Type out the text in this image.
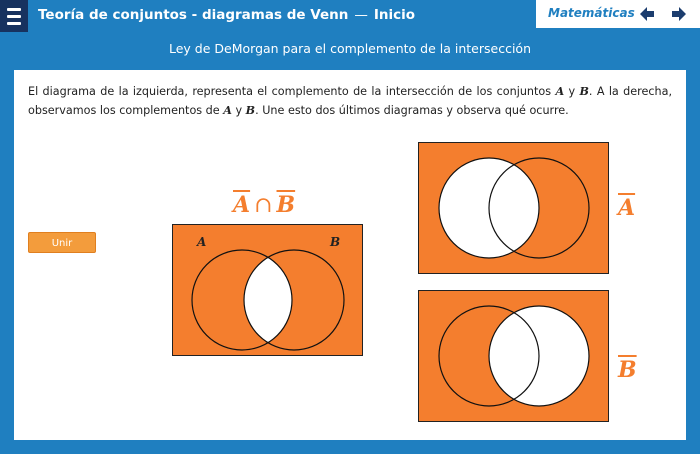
Teoría de conjuntos - diagramas de Venn — Inicio	Matemáticas
Ley de DeMorgan para el complemento de la intersección
El diagrama de la izquierda, representa el complemento de la intersección de los conjuntos A y B. A la derecha, observamos los complementos de A y B. Une esto dos últimos diagramas y observa qué ocurre.
Unir
$\overline{A}$ ∩ $\overline{B}$
A	B
$\overline{A}$
$\overline{B}$
